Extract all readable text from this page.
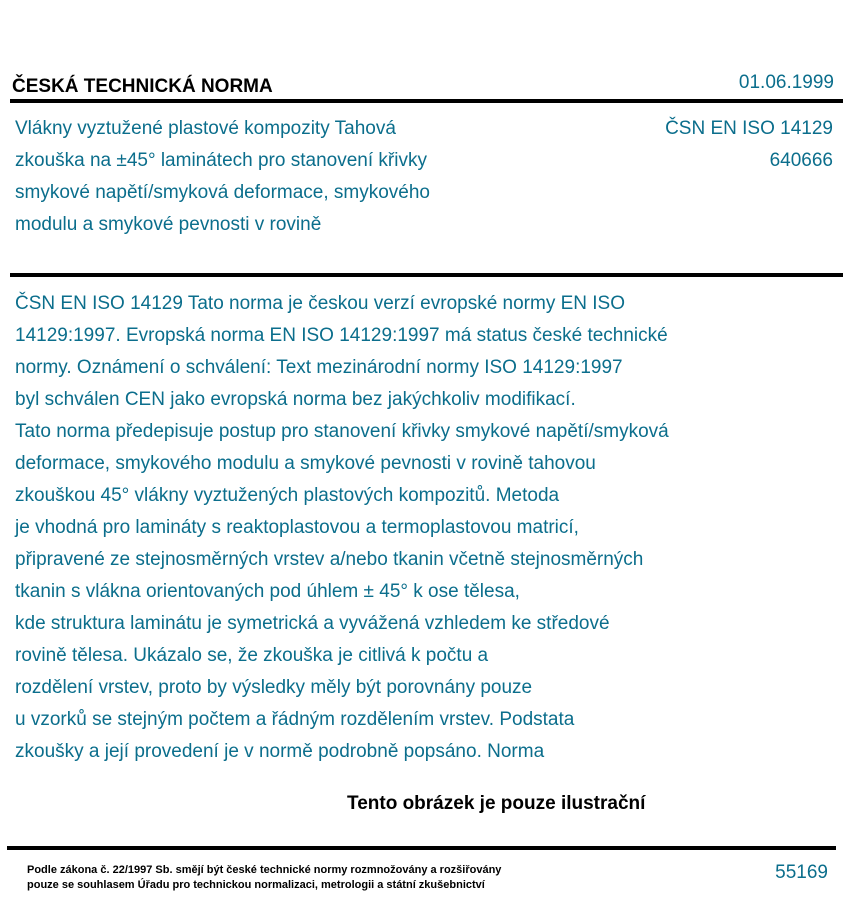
ČESKÁ TECHNICKÁ NORMA	01.06.1999
Vlákny vyztužené plastové kompozity Tahová
zkouška na ±45° laminátech pro stanovení křivky
smykové napětí/smyková deformace, smykového
modulu a smykové pevnosti v rovině
ČSN EN ISO 14129
640666
ČSN EN ISO 14129 Tato norma je českou verzí evropské normy EN ISO
14129:1997. Evropská norma EN ISO 14129:1997 má status české technické
normy. Oznámení o schválení: Text mezinárodní normy ISO 14129:1997
byl schválen CEN jako evropská norma bez jakýchkoliv modifikací.
Tato norma předepisuje postup pro stanovení křivky smykové napětí/smyková
deformace, smykového modulu a smykové pevnosti v rovině tahovou
zkouškou 45° vlákny vyztužených plastových kompozitů. Metoda
je vhodná pro lamináty s reaktoplastovou a termoplastovou matricí,
připravené ze stejnosměrných vrstev a/nebo tkanin včetně stejnosměrných
tkanin s vlákna orientovaných pod úhlem ± 45° k ose tělesa,
kde struktura laminátu je symetrická a vyvážená vzhledem ke středové
rovině tělesa. Ukázalo se, že zkouška je citlivá k počtu a
rozdělení vrstev, proto by výsledky měly být porovnány pouze
u vzorků se stejným počtem a řádným rozdělením vrstev. Podstata
zkoušky a její provedení je v normě podrobně popsáno. Norma
Tento obrázek je pouze ilustrační
Podle zákona č. 22/1997 Sb. smějí být české technické normy rozmnožovány a rozšiřovány
pouze se souhlasem Úřadu pro technickou normalizaci, metrologii a státní zkušebnictví
55169
